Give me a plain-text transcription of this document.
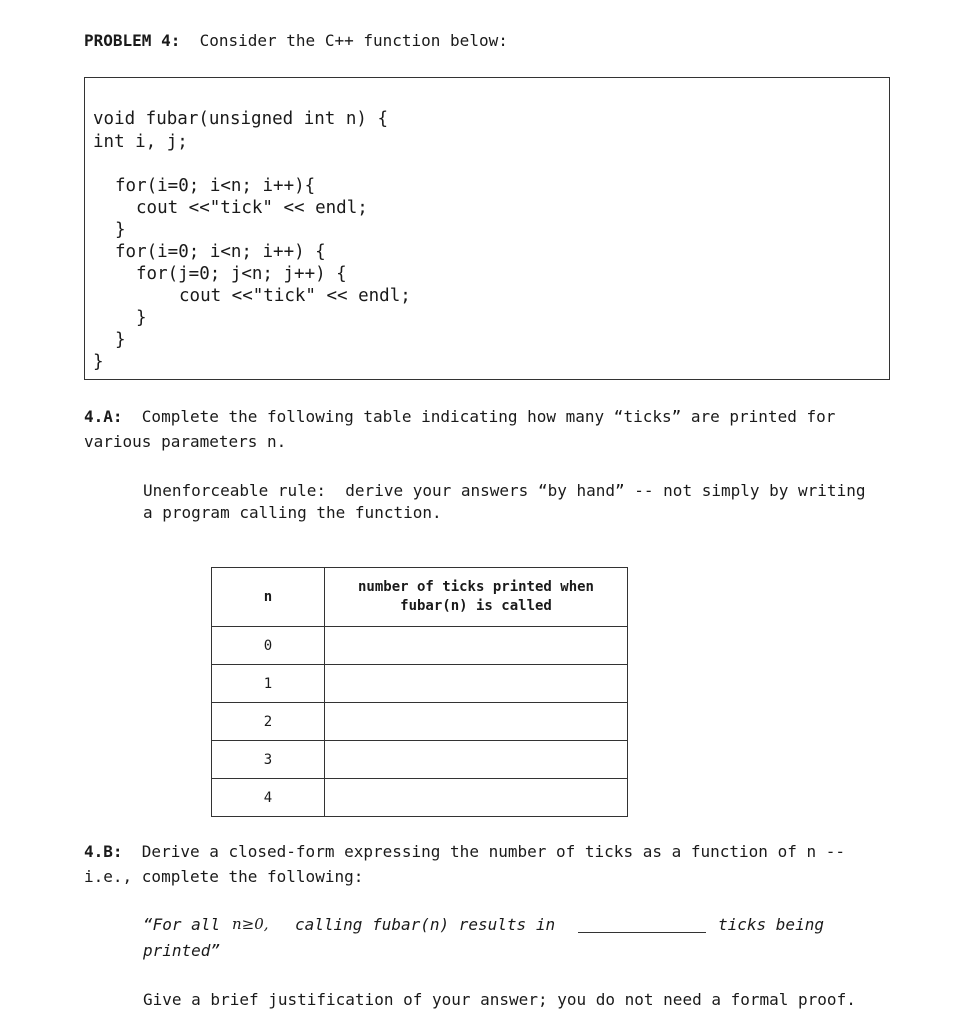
PROBLEM 4: Consider the C++ function below:
void fubar(unsigned int n) {
int i, j;
for(i=0; i<n; i++){
cout <<"tick" << endl;
}
for(i=0; i<n; i++) {
for(j=0; j<n; j++) {
cout <<"tick" << endl;
}
}
}
4.A: Complete the following table indicating how many “ticks” are printed for
various parameters n.
Unenforceable rule:  derive your answers “by hand” -- not simply by writing
a program calling the function.
n	number of ticks printed when
fubar(n) is called
0	
1	
2	
3	
4	
4.B: Derive a closed-form expressing the number of ticks as a function of n --
i.e., complete the following:
“For all n≥0, calling fubar(n) results in	ticks being
printed”
Give a brief justification of your answer; you do not need a formal proof.
